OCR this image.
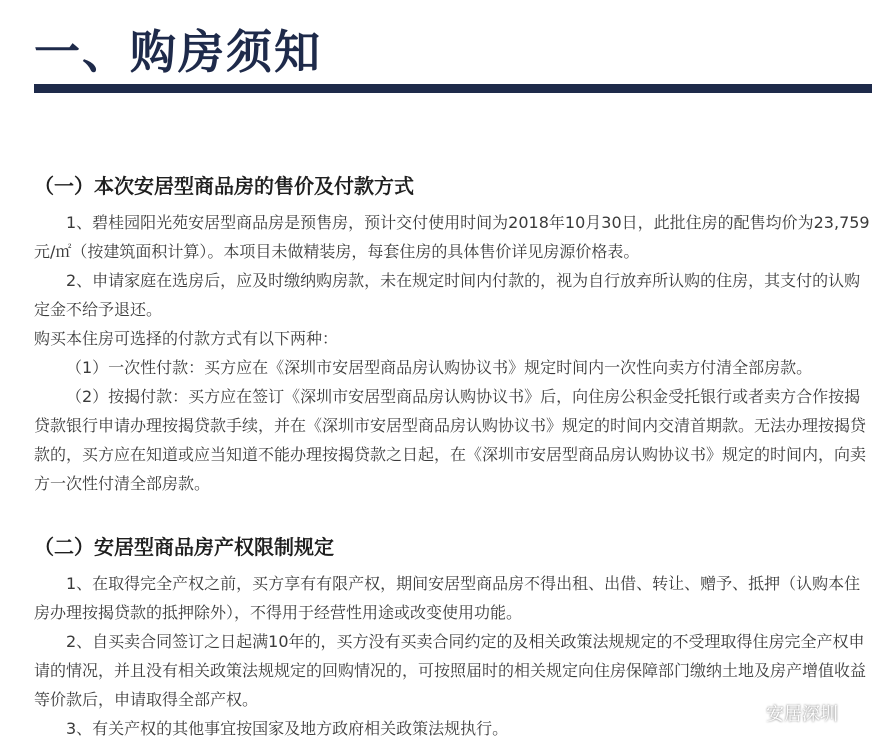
一、购房须知
（一）本次安居型商品房的售价及付款方式

1、碧桂园阳光苑安居型商品房是预售房，预计交付使用时间为2018年10月30日，此批住房的配售均价为23,759元/㎡（按建筑面积计算）。本项目未做精装房，每套住房的具体售价详见房源价格表。

2、申请家庭在选房后，应及时缴纳购房款，未在规定时间内付款的，视为自行放弃所认购的住房，其支付的认购定金不给予退还。

购买本住房可选择的付款方式有以下两种：

（1）一次性付款：买方应在《深圳市安居型商品房认购协议书》规定时间内一次性向卖方付清全部房款。

（2）按揭付款：买方应在签订《深圳市安居型商品房认购协议书》后，向住房公积金受托银行或者卖方合作按揭贷款银行申请办理按揭贷款手续，并在《深圳市安居型商品房认购协议书》规定的时间内交清首期款。无法办理按揭贷款的，买方应在知道或应当知道不能办理按揭贷款之日起，在《深圳市安居型商品房认购协议书》规定的时间内，向卖方一次性付清全部房款。

（二）安居型商品房产权限制规定

1、在取得完全产权之前，买方享有有限产权，期间安居型商品房不得出租、出借、转让、赠予、抵押（认购本住房办理按揭贷款的抵押除外），不得用于经营性用途或改变使用功能。

2、自买卖合同签订之日起满10年的，买方没有买卖合同约定的及相关政策法规规定的不受理取得住房完全产权申请的情况，并且没有相关政策法规规定的回购情况的，可按照届时的相关规定向住房保障部门缴纳土地及房产增值收益等价款后，申请取得全部产权。

3、有关产权的其他事宜按国家及地方政府相关政策法规执行。

安居深圳
